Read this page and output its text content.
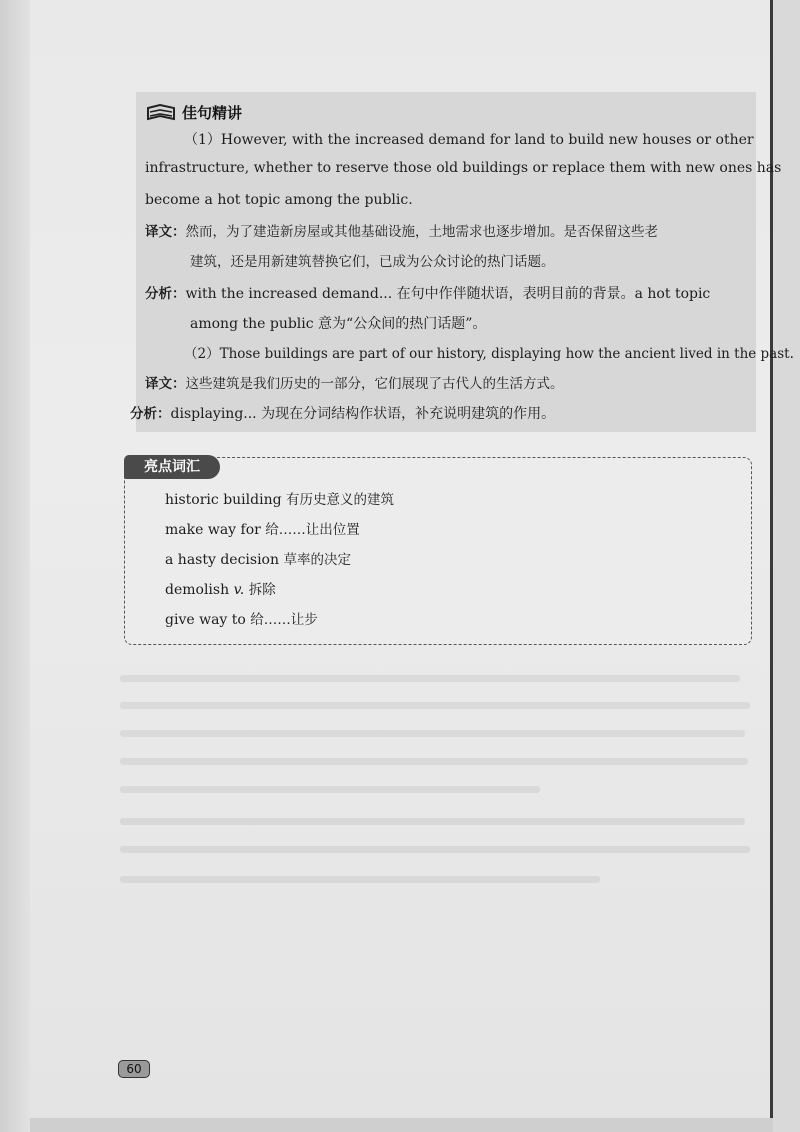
佳句精讲
（1）However, with the increased demand for land to build new houses or other
infrastructure, whether to reserve those old buildings or replace them with new ones has
become a hot topic among the public.
译文：然而，为了建造新房屋或其他基础设施，土地需求也逐步增加。是否保留这些老
建筑，还是用新建筑替换它们，已成为公众讨论的热门话题。
分析：with the increased demand... 在句中作伴随状语，表明目前的背景。a hot topic
among the public 意为“公众间的热门话题”。
（2）Those buildings are part of our history, displaying how the ancient lived in the past.
译文：这些建筑是我们历史的一部分，它们展现了古代人的生活方式。
分析：displaying... 为现在分词结构作状语，补充说明建筑的作用。
亮点词汇
historic building 有历史意义的建筑
make way for 给……让出位置
a hasty decision 草率的决定
demolish v. 拆除
give way to 给……让步
60
